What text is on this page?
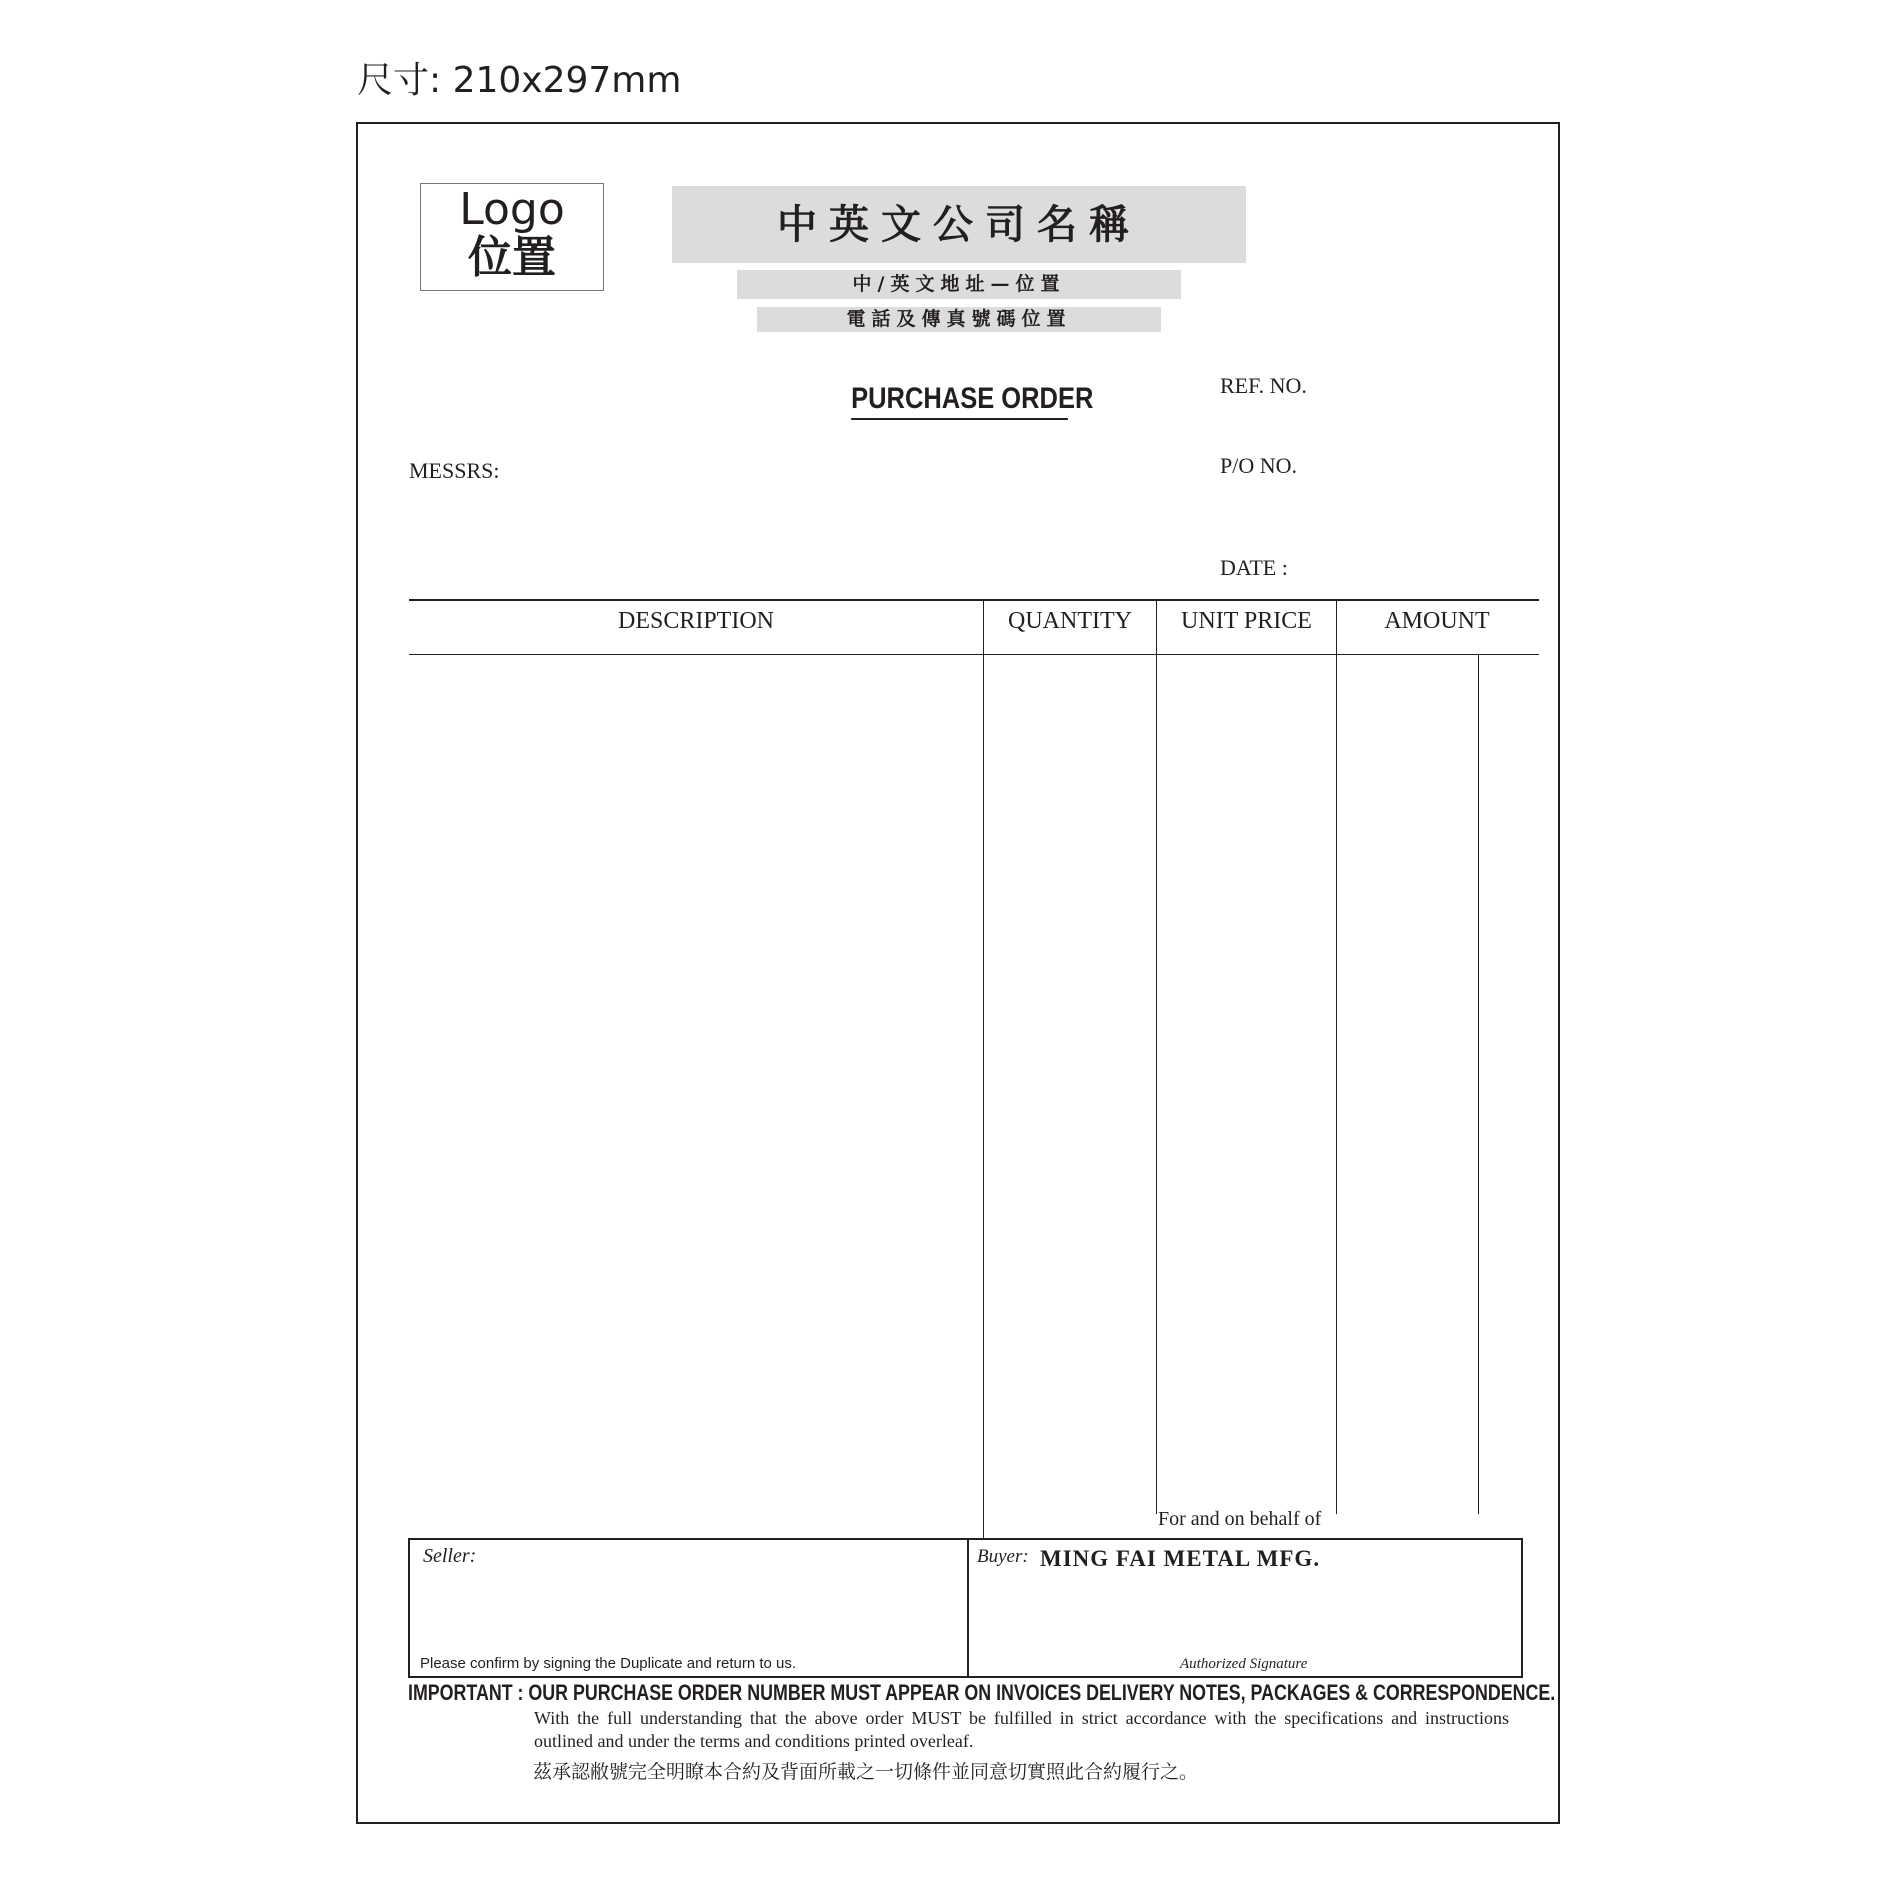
尺寸: 210x297mm
Logo
位置
中英文公司名稱
中/英文地址—位置
電話及傳真號碼位置
PURCHASE ORDER	REF. NO.
P/O NO.
DATE :
MESSRS:
DESCRIPTION	QUANTITY	UNIT PRICE	AMOUNT
For and on behalf of
Seller:	Buyer: MING FAI METAL MFG.
Please confirm by signing the Duplicate and return to us.	Authorized Signature
IMPORTANT : OUR PURCHASE ORDER NUMBER MUST APPEAR ON INVOICES DELIVERY NOTES, PACKAGES & CORRESPONDENCE.
With the full understanding that the above order MUST be fulfilled in strict accordance with the specifications and instructions outlined and under the terms and conditions printed overleaf.
茲承認敝號完全明瞭本合約及背面所載之一切條件並同意切實照此合約履行之。
